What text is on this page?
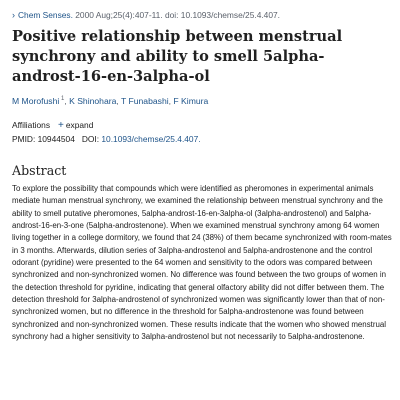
› Chem Senses. 2000 Aug;25(4):407-11. doi: 10.1093/chemse/25.4.407.
Positive relationship between menstrual synchrony and ability to smell 5alpha-androst-16-en-3alpha-ol
M Morofushi $^1$, K Shinohara, T Funabashi, F Kimura
Affiliations + expand
PMID: 10944504 DOI: 10.1093/chemse/25.4.407.
Abstract

To explore the possibility that compounds which were identified as pheromones in experimental animals mediate human menstrual synchrony, we examined the relationship between menstrual synchrony and the ability to smell putative pheromones, 5alpha-androst-16-en-3alpha-ol (3alpha-androstenol) and 5alpha-androst-16-en-3-one (5alpha-androstenone). When we examined menstrual synchrony among 64 women living together in a college dormitory, we found that 24 (38%) of them became synchronized with room-mates in 3 months. Afterwards, dilution series of 3alpha-androstenol and 5alpha-androstenone and the control odorant (pyridine) were presented to the 64 women and sensitivity to the odors was compared between synchronized and non-synchronized women. No difference was found between the two groups of women in the detection threshold for pyridine, indicating that general olfactory ability did not differ between them. The detection threshold for 3alpha-androstenol of synchronized women was significantly lower than that of non-synchronized women, but no difference in the threshold for 5alpha-androstenone was found between synchronized and non-synchronized women. These results indicate that the women who showed menstrual synchrony had a higher sensitivity to 3alpha-androstenol but not necessarily to 5alpha-androstenone.
